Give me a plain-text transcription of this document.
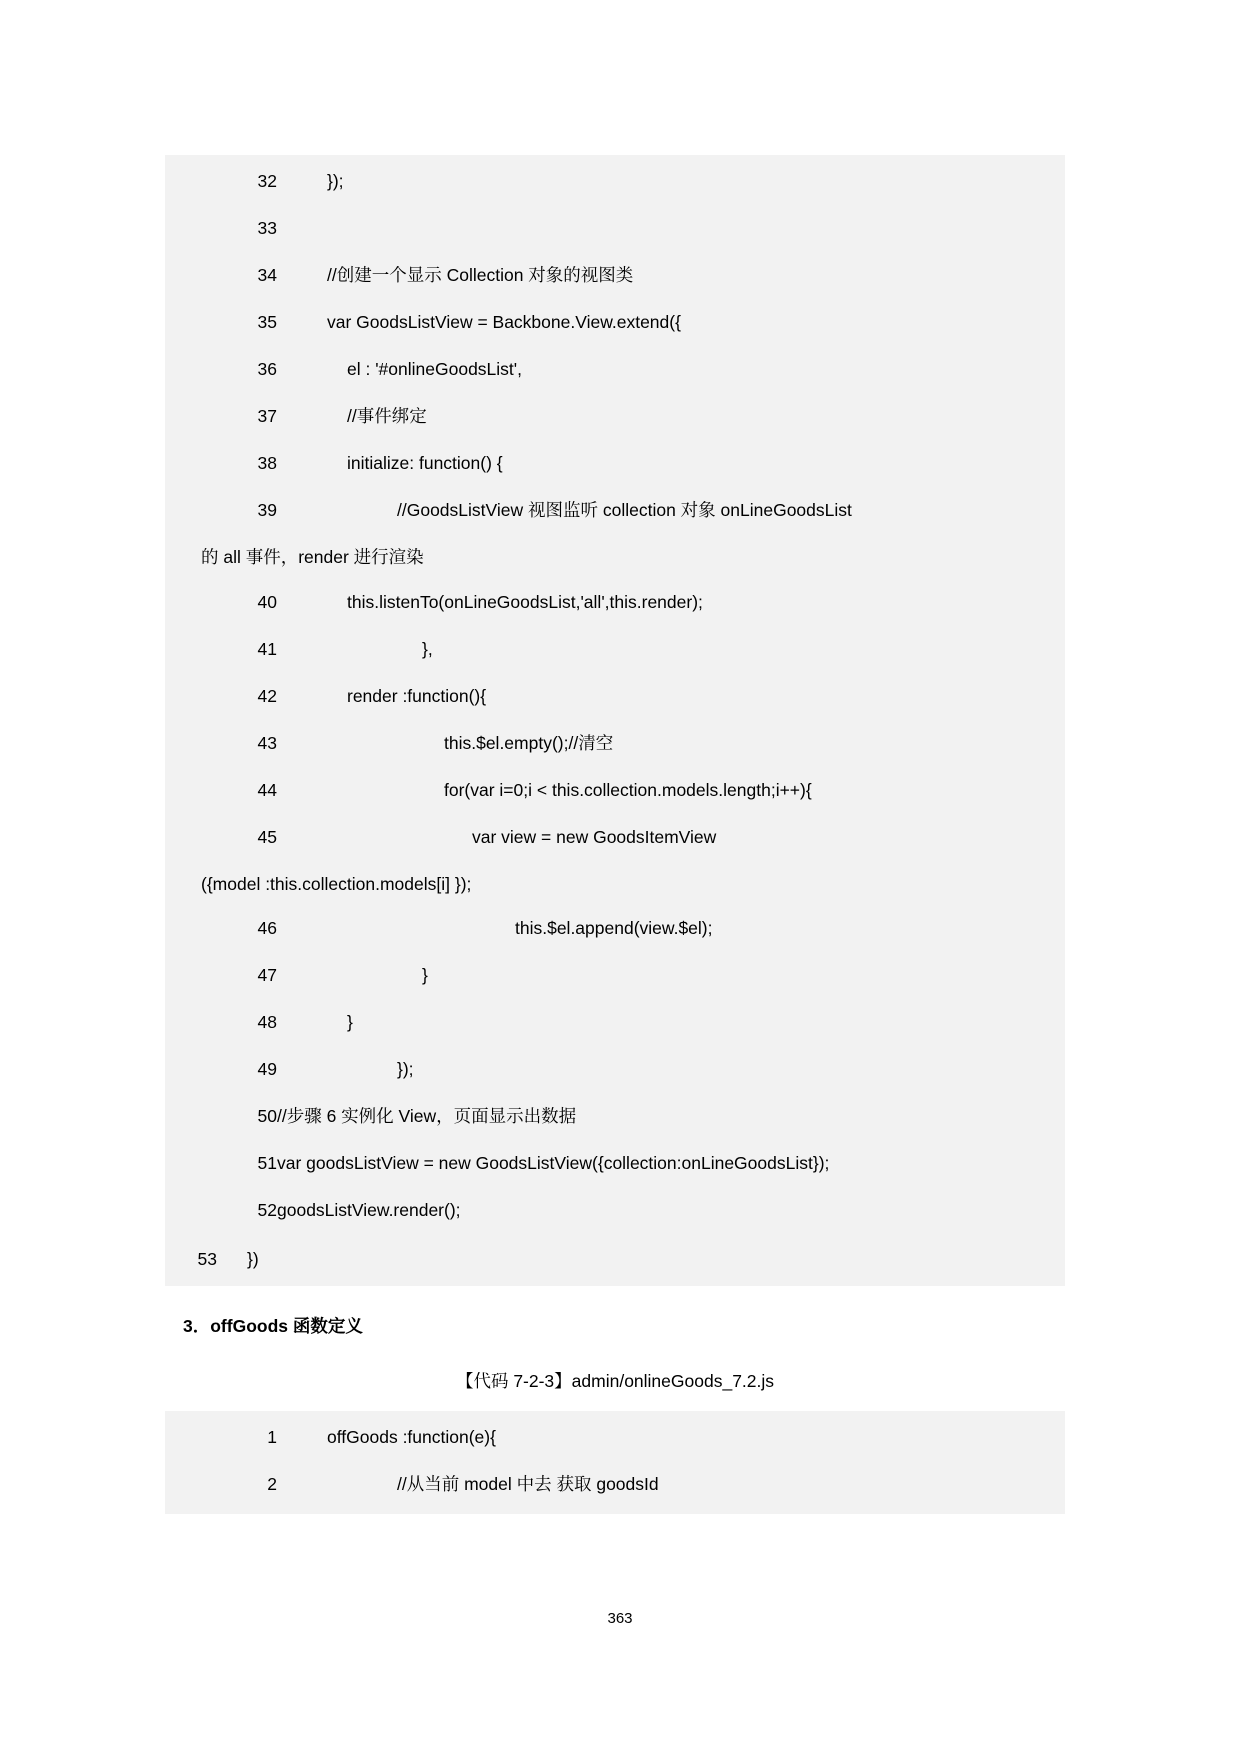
32	});
33
34	//创建一个显示 Collection 对象的视图类
35	var GoodsListView = Backbone.View.extend({
36	el : '#onlineGoodsList',
37	//事件绑定
38	initialize: function() {
39	//GoodsListView 视图监听 collection 对象 onLineGoodsList
的 all 事件，render 进行渲染
40	this.listenTo(onLineGoodsList,'all',this.render);
41	},
42	render :function(){
43	this.$el.empty();//清空
44	for(var i=0;i < this.collection.models.length;i++){
45	var view = new GoodsItemView
({model :this.collection.models[i] });
46	this.$el.append(view.$el);
47	}
48	}
49	});
50 //步骤 6 实例化 View，页面显示出数据
51 var goodsListView = new GoodsListView({collection:onLineGoodsList});
52 goodsListView.render();
53	})
3．offGoods 函数定义
【代码 7-2-3】admin/onlineGoods_7.2.js
1	offGoods :function(e){
2	//从当前 model 中去 获取 goodsId
363
